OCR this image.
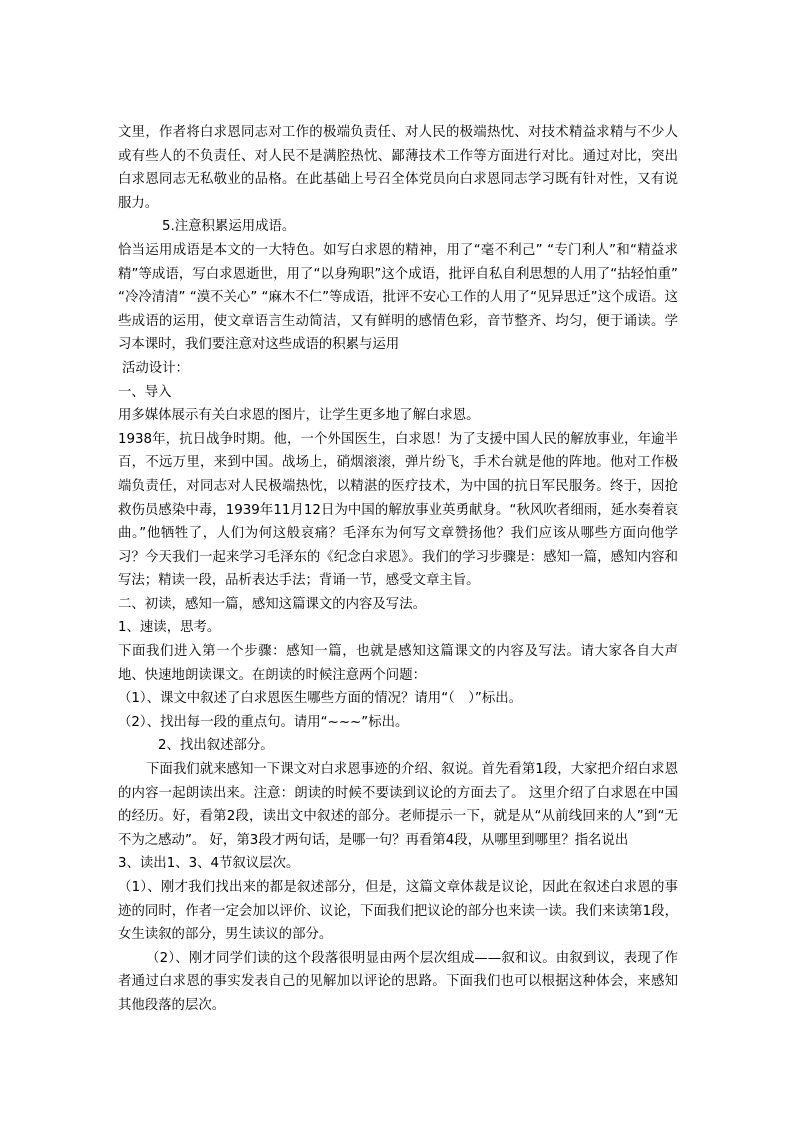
文里，作者将白求恩同志对工作的极端负责任、对人民的极端热忱、对技术精益求精与不少人或有些人的不负责任、对人民不是满腔热忱、鄙薄技术工作等方面进行对比。通过对比，突出白求恩同志无私敬业的品格。在此基础上号召全体党员向白求恩同志学习既有针对性，又有说服力。

5.注意积累运用成语。

恰当运用成语是本文的一大特色。如写白求恩的精神，用了“毫不利己” “专门利人”和“精益求精”等成语，写白求恩逝世，用了“以身殉职”这个成语，批评自私自利思想的人用了“拈轻怕重” “冷冷清清” “漠不关心” “麻木不仁”等成语，批评不安心工作的人用了“见异思迁”这个成语。这些成语的运用，使文章语言生动简洁，又有鲜明的感情色彩，音节整齐、均匀，便于诵读。学习本课时，我们要注意对这些成语的积累与运用

活动设计：

一、导入

用多媒体展示有关白求恩的图片，让学生更多地了解白求恩。

1938年，抗日战争时期。他，一个外国医生，白求恩！为了支援中国人民的解放事业，年逾半百，不远万里，来到中国。战场上，硝烟滚滚，弹片纷飞，手术台就是他的阵地。他对工作极端负责任，对同志对人民极端热忱，以精湛的医疗技术，为中国的抗日军民服务。终于，因抢救伤员感染中毒，1939年11月12日为中国的解放事业英勇献身。“秋风吹者细雨，延水奏着哀曲。”他牺牲了，人们为何这般哀痛？毛泽东为何写文章赞扬他？我们应该从哪些方面向他学习？今天我们一起来学习毛泽东的《纪念白求恩》。我们的学习步骤是：感知一篇，感知内容和写法；精读一段，品析表达手法；背诵一节，感受文章主旨。

二、初读，感知一篇，感知这篇课文的内容及写法。

1、速读，思考。

下面我们进入第一个步骤：感知一篇，也就是感知这篇课文的内容及写法。请大家各自大声地、快速地朗读课文。在朗读的时候注意两个问题：

（1）、课文中叙述了白求恩医生哪些方面的情况？请用“（　）”标出。

（2）、找出每一段的重点句。请用“~~~”标出。

2、找出叙述部分。

下面我们就来感知一下课文对白求恩事迹的介绍、叙说。首先看第1段，大家把介绍白求恩的内容一起朗读出来。注意：朗读的时候不要读到议论的方面去了。 这里介绍了白求恩在中国的经历。好，看第2段，读出文中叙述的部分。老师提示一下，就是从“从前线回来的人”到“无不为之感动”。 好，第3段才两句话，是哪一句？再看第4段，从哪里到哪里？指名说出

3、读出1、3、4节叙议层次。

（1）、刚才我们找出来的都是叙述部分，但是，这篇文章体裁是议论，因此在叙述白求恩的事迹的同时，作者一定会加以评价、议论，下面我们把议论的部分也来读一读。我们来读第1段，女生读叙的部分，男生读议的部分。

（2）、刚才同学们读的这个段落很明显由两个层次组成——叙和议。由叙到议，表现了作者通过白求恩的事实发表自己的见解加以评论的思路。下面我们也可以根据这种体会，来感知其他段落的层次。
